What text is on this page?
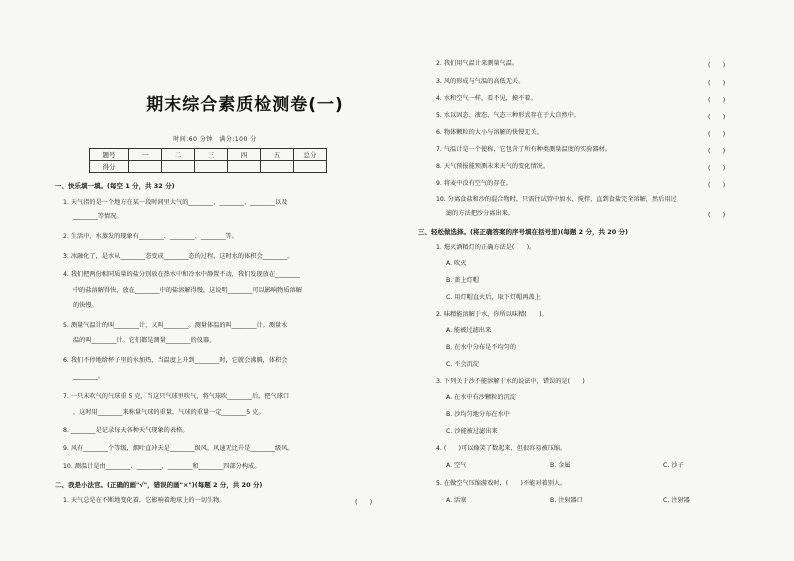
期末综合素质检测卷(一)
时间:60 分钟　满分:100 分
题号	一	二	三	四	五	总分
得分						
一、快乐填一填。(每空 1 分，共 32 分)
1. 天气指的是一个地方在某一段时间里大气的________、________、________以及
________等情况。
2. 生活中，水蒸发的现象有________、________、________等。
3. 冰融化了，是水从________态变成________态的过程，这时水的体积会________。
4. 我们把两份相同质量的盐分别放在热水中和冷水中静置不动，我们发现放在________
中的盐溶解得快，放在________中的盐溶解得慢，这说明________可以影响物质溶解
的快慢。
5. 测量气温计的叫________计，又叫________。测量体温的叫________计。测量水
温的叫________计。它们都是测量________的仪器。
6. 我们不停地给杯子里的水加热，当温度上升到________时，它就会沸腾，体积会
________。
7. 一只未吹气的气球重 5 克，当这只气球里吹气，将气球吹________后，把气球口
，这时用________来称量气球的重量，气球的重量一定________5 克。
8. ________是记录每天各种天气现象的表格。
9. 风有________个等级，烟叶直冲天是________级风，风速无比升是________级风。
10. 测温计是由________、________、________和________四部分构成。
二、我是小法官。(正确的画"√"，错误的画"×")(每题 2 分，共 20 分)
1. 天气总是在不断地变化着，它影响着地球上的一切生物。	(　　)
2. 我们用气温计来测量气温。	(　　)
3. 风的形成与气温的高低无关。	(　　)
4. 水和空气一样，看不见，摸不着。	(　　)
5. 水以固态、液态、气态三种形式存在于大自然中。	(　　)
6. 物体颗粒的大小与溶解的快慢无关。	(　　)
7. 气温计是一个使称，它包含了所有种类测量温度的实验器材。	(　　)
8. 天气预报能预测未来天气的变化情况。	(　　)
9. 将麦中没有空气的存在。	(　　)
10. 分离食盐和沙的混合物时，只需往试管中加水，搅拌，直到食盐完全溶解，然后用过
滤的方法把沙分离出来。	(　　)
三、轻松做选择。(将正确答案的序号填在括号里)(每题 2 分，共 20 分)
1. 熄灭酒精灯的正确方法是(　　)。
A. 吹灭
B. 盖上灯帽
C. 用灯帽直火后，取下灯帽再盖上
2. 味精能溶解于水，你所以味精(　　)。
A. 能被过滤出来
B. 在水中分布是不均匀的
C. 不会沉淀
3. 下列关于沙不能溶解于水的说法中，错误的是(　　)
A. 在水中有沙颗粒的沉淀
B. 沙均匀地分布在水中
C. 沙能被过滤出来
4. (　　)可以像笑了数起来，但很容易被压缩。
A. 空气	B. 金属	C. 沙子
5. 在做空气压缩游戏时，(　　)不能对着别人。
A. 活塞	B. 注射器口	C. 注射器
